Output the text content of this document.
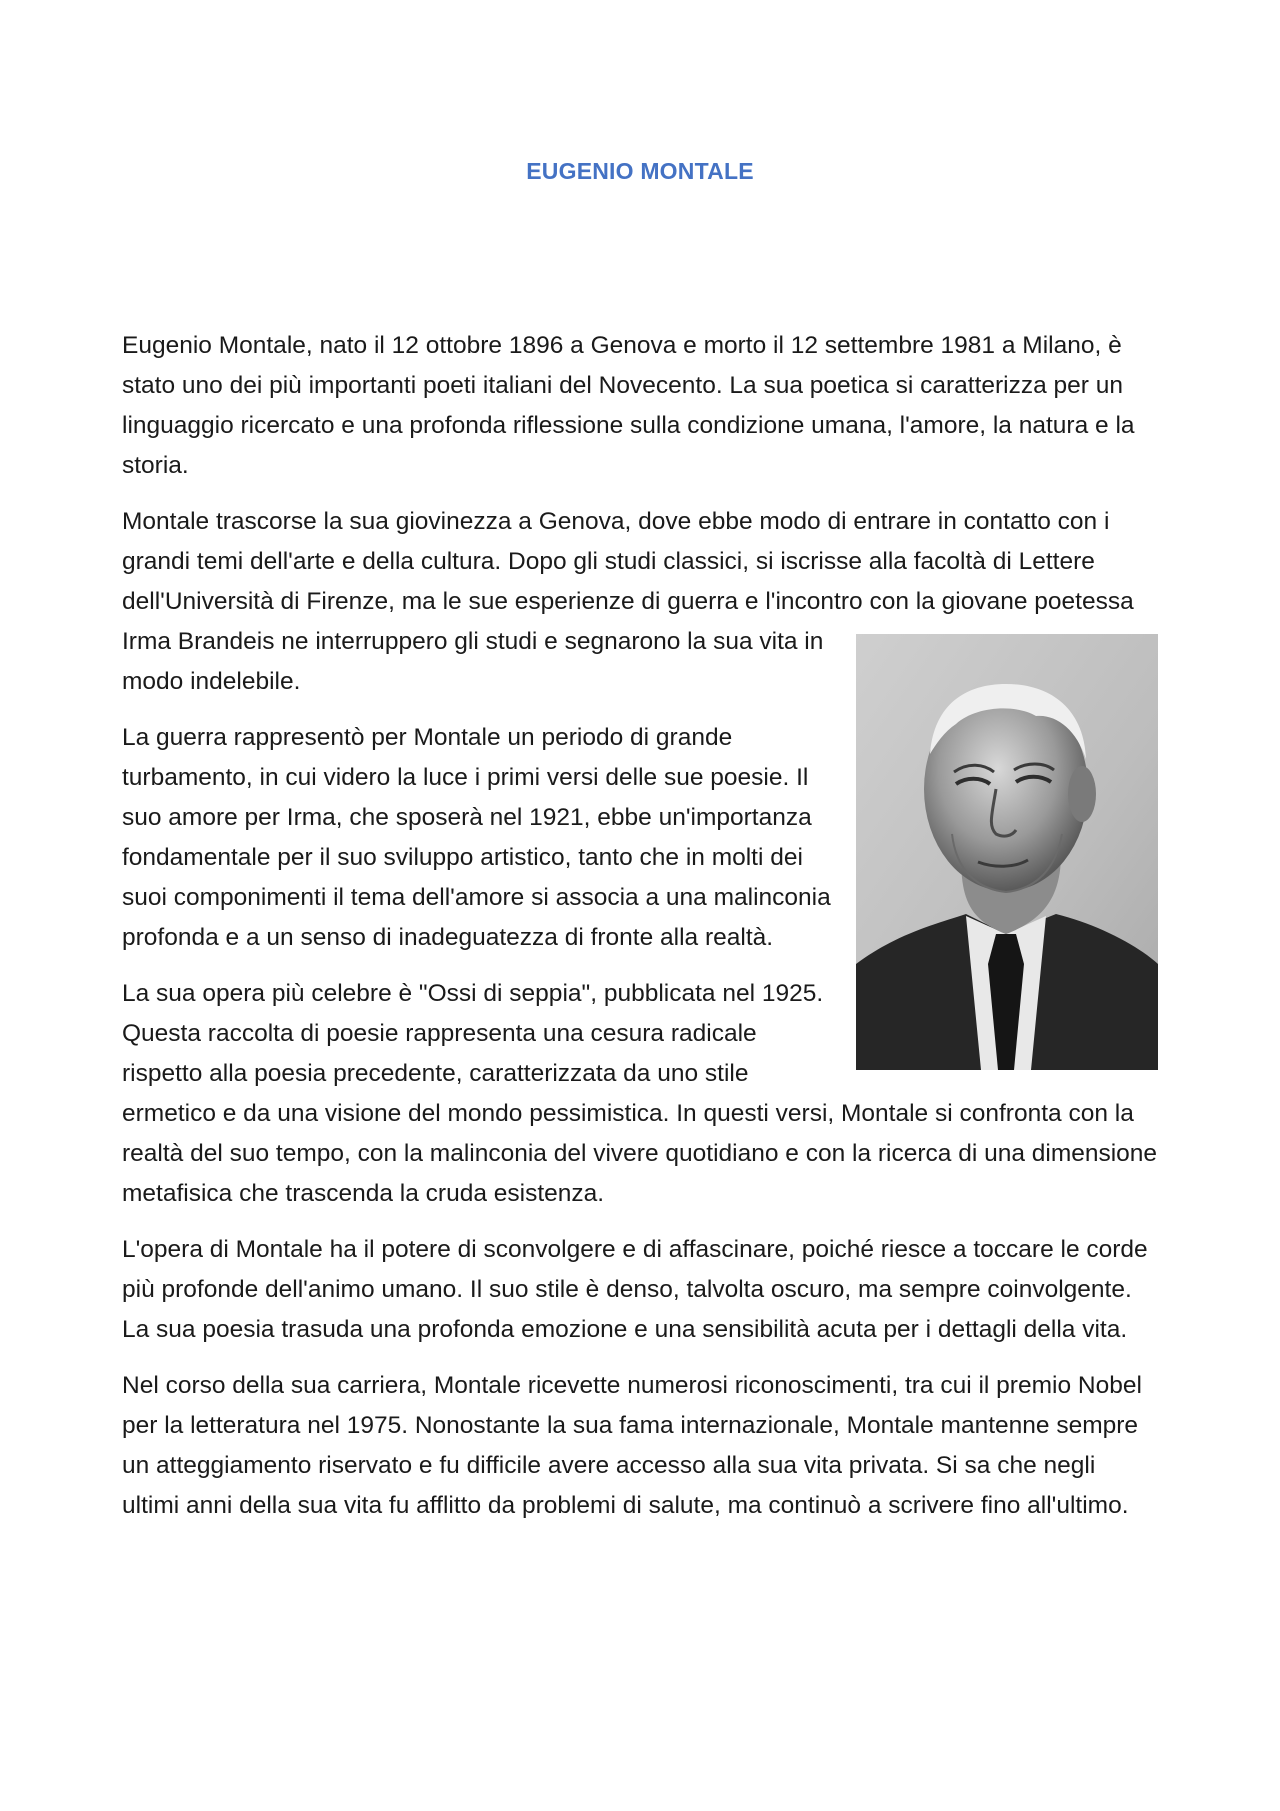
EUGENIO MONTALE

Eugenio Montale, nato il 12 ottobre 1896 a Genova e morto il 12 settembre 1981 a Milano, è stato uno dei più importanti poeti italiani del Novecento. La sua poetica si caratterizza per un linguaggio ricercato e una profonda riflessione sulla condizione umana, l'amore, la natura e la storia.

Montale trascorse la sua giovinezza a Genova, dove ebbe modo di entrare in contatto con i grandi temi dell'arte e della cultura. Dopo gli studi classici, si iscrisse alla facoltà di Lettere dell'Università di Firenze, ma le sue esperienze di guerra e l'incontro con la giovane poetessa Irma Brandeis ne interruppero gli studi e segnarono la sua vita in modo indelebile.

La guerra rappresentò per Montale un periodo di grande turbamento, in cui videro la luce i primi versi delle sue poesie. Il suo amore per Irma, che sposerà nel 1921, ebbe un'importanza fondamentale per il suo sviluppo artistico, tanto che in molti dei suoi componimenti il tema dell'amore si associa a una malinconia profonda e a un senso di inadeguatezza di fronte alla realtà.

La sua opera più celebre è "Ossi di seppia", pubblicata nel 1925. Questa raccolta di poesie rappresenta una cesura radicale rispetto alla poesia precedente, caratterizzata da uno stile ermetico e da una visione del mondo pessimistica. In questi versi, Montale si confronta con la realtà del suo tempo, con la malinconia del vivere quotidiano e con la ricerca di una dimensione metafisica che trascenda la cruda esistenza.

L'opera di Montale ha il potere di sconvolgere e di affascinare, poiché riesce a toccare le corde più profonde dell'animo umano. Il suo stile è denso, talvolta oscuro, ma sempre coinvolgente. La sua poesia trasuda una profonda emozione e una sensibilità acuta per i dettagli della vita.

Nel corso della sua carriera, Montale ricevette numerosi riconoscimenti, tra cui il premio Nobel per la letteratura nel 1975. Nonostante la sua fama internazionale, Montale mantenne sempre un atteggiamento riservato e fu difficile avere accesso alla sua vita privata. Si sa che negli ultimi anni della sua vita fu afflitto da problemi di salute, ma continuò a scrivere fino all'ultimo.
